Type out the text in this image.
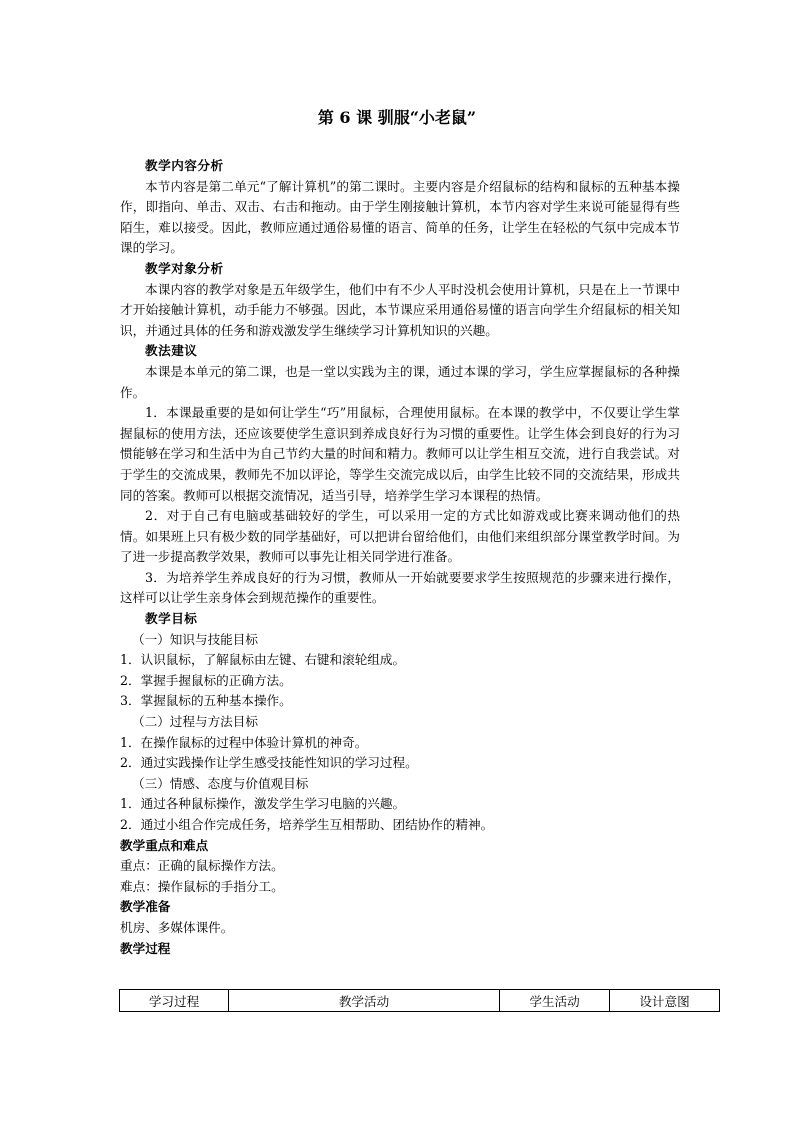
第 6 课 驯服“小老鼠”

教学内容分析

本节内容是第二单元“了解计算机”的第二课时。主要内容是介绍鼠标的结构和鼠标的五种基本操作，即指向、单击、双击、右击和拖动。由于学生刚接触计算机，本节内容对学生来说可能显得有些陌生，难以接受。因此，教师应通过通俗易懂的语言、简单的任务，让学生在轻松的气氛中完成本节课的学习。

教学对象分析

本课内容的教学对象是五年级学生，他们中有不少人平时没机会使用计算机，只是在上一节课中才开始接触计算机，动手能力不够强。因此，本节课应采用通俗易懂的语言向学生介绍鼠标的相关知识，并通过具体的任务和游戏激发学生继续学习计算机知识的兴趣。

教法建议

本课是本单元的第二课，也是一堂以实践为主的课，通过本课的学习，学生应掌握鼠标的各种操作。

1．本课最重要的是如何让学生“巧”用鼠标，合理使用鼠标。在本课的教学中，不仅要让学生掌握鼠标的使用方法，还应该要使学生意识到养成良好行为习惯的重要性。让学生体会到良好的行为习惯能够在学习和生活中为自己节约大量的时间和精力。教师可以让学生相互交流，进行自我尝试。对于学生的交流成果，教师先不加以评论，等学生交流完成以后，由学生比较不同的交流结果，形成共同的答案。教师可以根据交流情况，适当引导，培养学生学习本课程的热情。

2．对于自己有电脑或基础较好的学生，可以采用一定的方式比如游戏或比赛来调动他们的热情。如果班上只有极少数的同学基础好，可以把讲台留给他们，由他们来组织部分课堂教学时间。为了进一步提高教学效果，教师可以事先让相关同学进行准备。

3．为培养学生养成良好的行为习惯，教师从一开始就要要求学生按照规范的步骤来进行操作，这样可以让学生亲身体会到规范操作的重要性。

教学目标

（一）知识与技能目标

1．认识鼠标，了解鼠标由左键、右键和滚轮组成。

2．掌握手握鼠标的正确方法。

3．掌握鼠标的五种基本操作。

（二）过程与方法目标

1．在操作鼠标的过程中体验计算机的神奇。

2．通过实践操作让学生感受技能性知识的学习过程。

（三）情感、态度与价值观目标

1．通过各种鼠标操作，激发学生学习电脑的兴趣。

2．通过小组合作完成任务，培养学生互相帮助、团结协作的精神。

教学重点和难点

重点：正确的鼠标操作方法。

难点：操作鼠标的手指分工。

教学准备

机房、多媒体课件。

教学过程

学习过程	教学活动	学生活动	设计意图
